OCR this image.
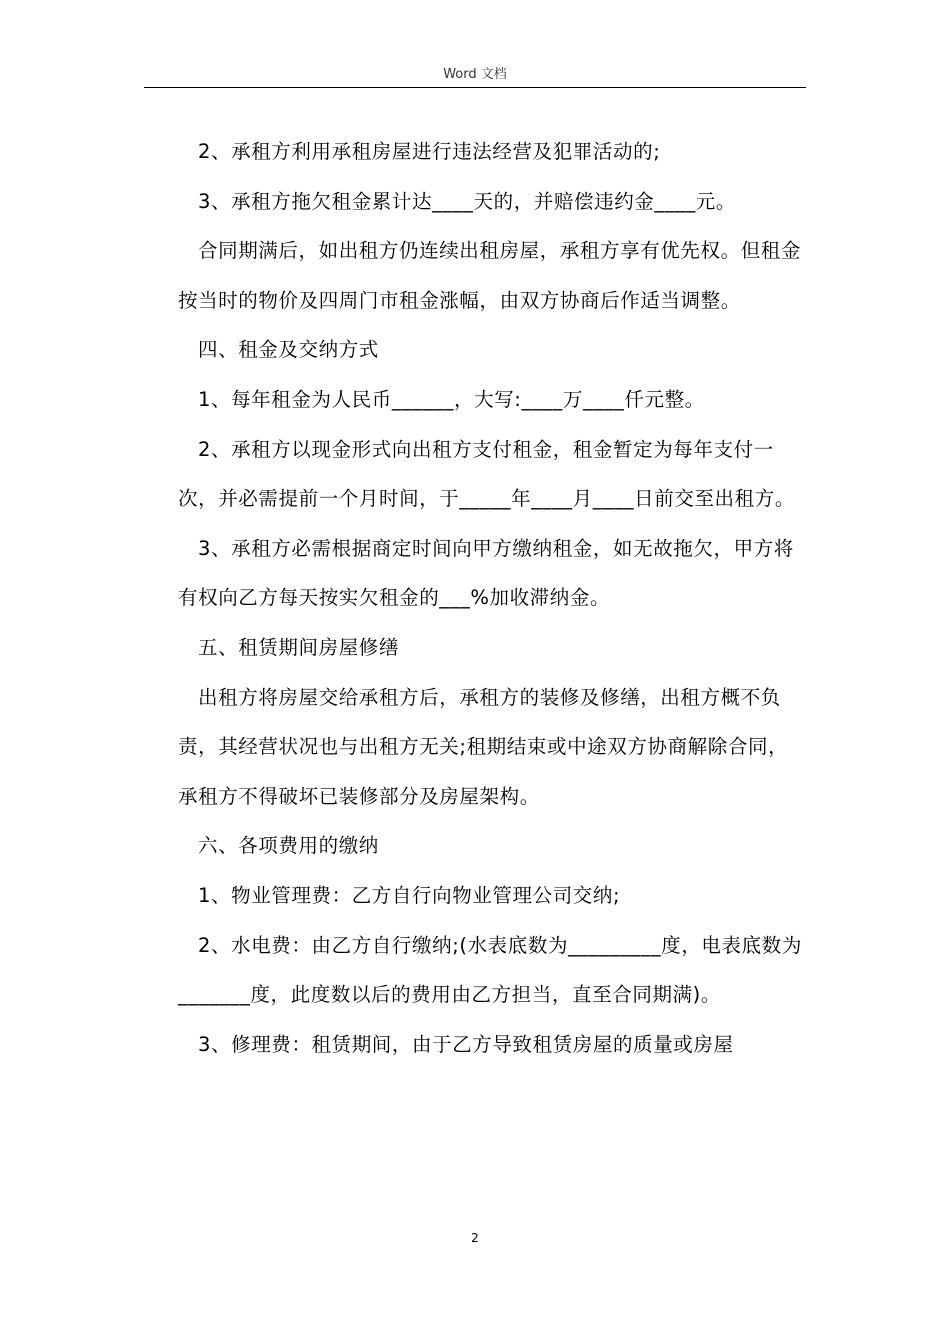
Word 文档

2、承租方利用承租房屋进行违法经营及犯罪活动的;

3、承租方拖欠租金累计达____天的，并赔偿违约金____元。

合同期满后，如出租方仍连续出租房屋，承租方享有优先权。但租金按当时的物价及四周门市租金涨幅，由双方协商后作适当调整。

四、租金及交纳方式

1、每年租金为人民币______，大写:____万____仟元整。

2、承租方以现金形式向出租方支付租金，租金暂定为每年支付一次，并必需提前一个月时间，于_____年____月____日前交至出租方。

3、承租方必需根据商定时间向甲方缴纳租金，如无故拖欠，甲方将有权向乙方每天按实欠租金的___%加收滞纳金。

五、租赁期间房屋修缮

出租方将房屋交给承租方后，承租方的装修及修缮，出租方概不负责，其经营状况也与出租方无关;租期结束或中途双方协商解除合同，承租方不得破坏已装修部分及房屋架构。

六、各项费用的缴纳

1、物业管理费：乙方自行向物业管理公司交纳;

2、水电费：由乙方自行缴纳;(水表底数为_________度，电表底数为_______度，此度数以后的费用由乙方担当，直至合同期满)。

3、修理费：租赁期间，由于乙方导致租赁房屋的质量或房屋

2
